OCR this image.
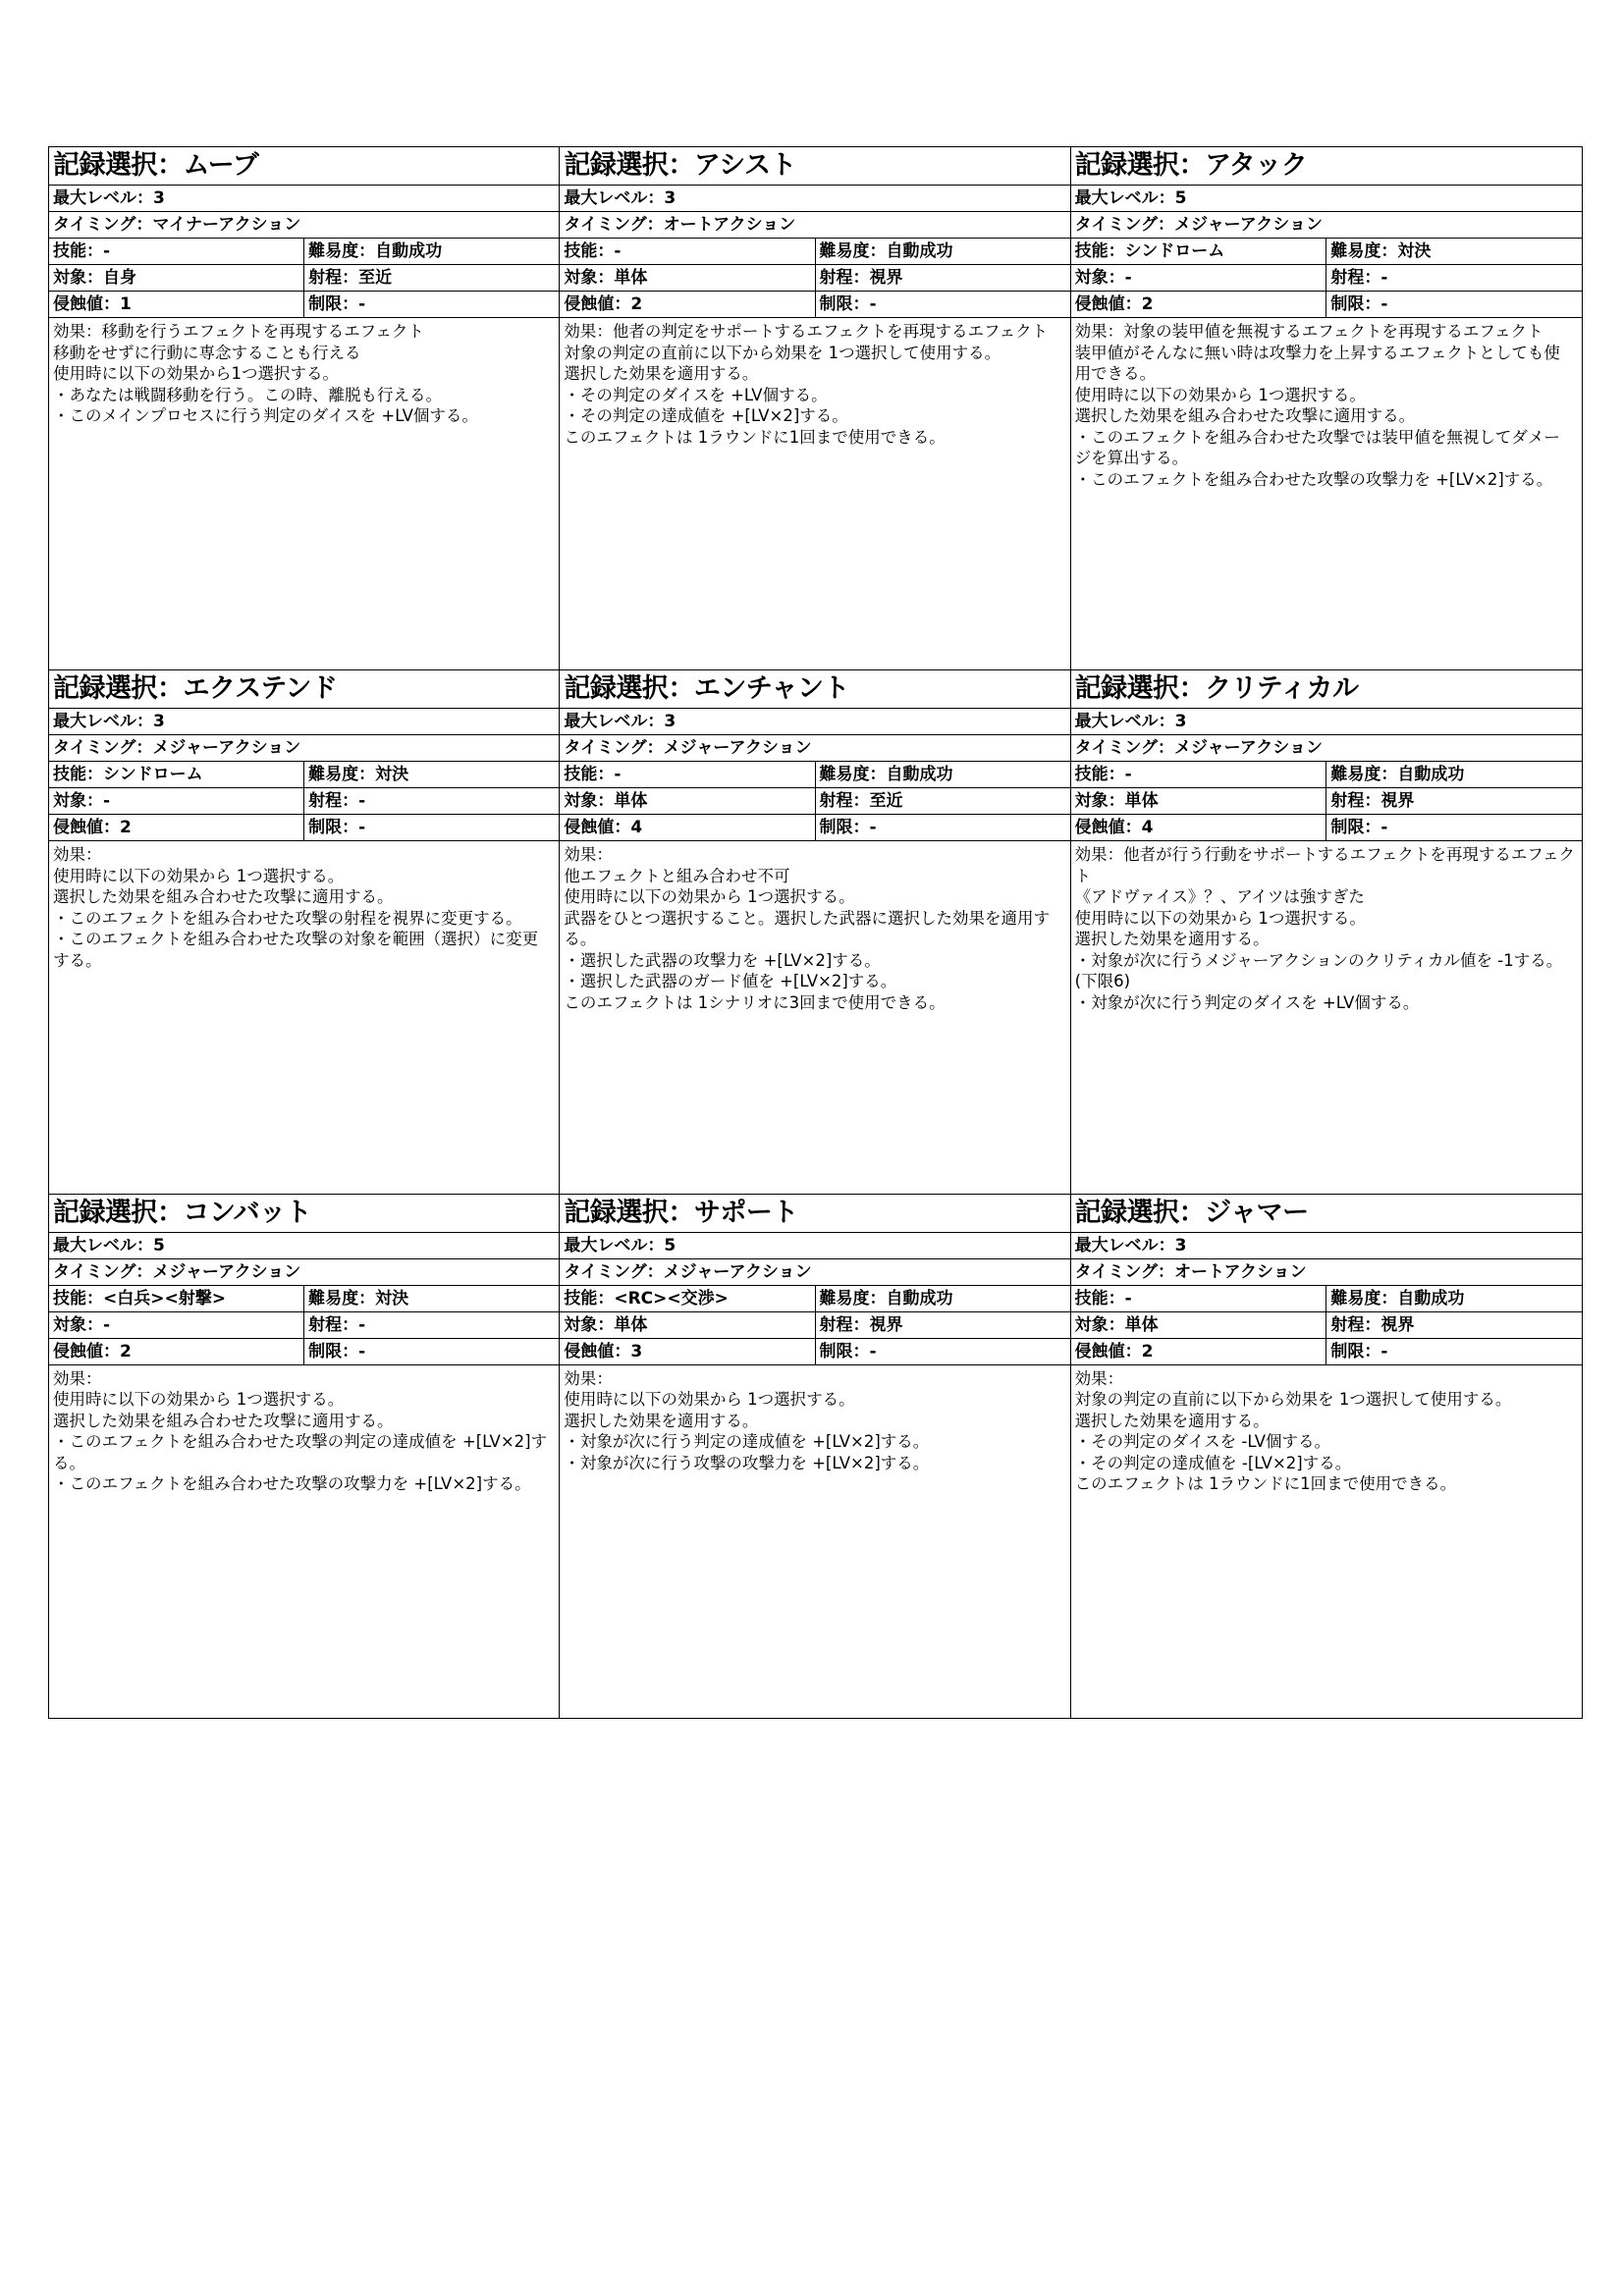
記録選択：ムーブ
最大レベル：3
タイミング：マイナーアクション
技能：-	難易度：自動成功
対象：自身	射程：至近
侵蝕値：1	制限：-
効果：移動を行うエフェクトを再現するエフェクト
移動をせずに行動に専念することも行える
使用時に以下の効果から1つ選択する。
・あなたは戦闘移動を行う。この時、離脱も行える。
・このメインプロセスに行う判定のダイスを +LV個する。
記録選択：アシスト
最大レベル：3
タイミング：オートアクション
技能：-	難易度：自動成功
対象：単体	射程：視界
侵蝕値：2	制限：-
効果：他者の判定をサポートするエフェクトを再現するエフェクト
対象の判定の直前に以下から効果を 1つ選択して使用する。
選択した効果を適用する。
・その判定のダイスを +LV個する。
・その判定の達成値を +[LV×2]する。
このエフェクトは 1ラウンドに1回まで使用できる。
記録選択：アタック
最大レベル：5
タイミング：メジャーアクション
技能：シンドローム	難易度：対決
対象：-	射程：-
侵蝕値：2	制限：-
効果：対象の装甲値を無視するエフェクトを再現するエフェクト
装甲値がそんなに無い時は攻撃力を上昇するエフェクトとしても使用できる。
使用時に以下の効果から 1つ選択する。
選択した効果を組み合わせた攻撃に適用する。
・このエフェクトを組み合わせた攻撃では装甲値を無視してダメージを算出する。
・このエフェクトを組み合わせた攻撃の攻撃力を +[LV×2]する。
記録選択：エクステンド
最大レベル：3
タイミング：メジャーアクション
技能：シンドローム	難易度：対決
対象：-	射程：-
侵蝕値：2	制限：-
効果：
使用時に以下の効果から 1つ選択する。
選択した効果を組み合わせた攻撃に適用する。
・このエフェクトを組み合わせた攻撃の射程を視界に変更する。
・このエフェクトを組み合わせた攻撃の対象を範囲（選択）に変更する。
記録選択：エンチャント
最大レベル：3
タイミング：メジャーアクション
技能：-	難易度：自動成功
対象：単体	射程：至近
侵蝕値：4	制限：-
効果：
他エフェクトと組み合わせ不可
使用時に以下の効果から 1つ選択する。
武器をひとつ選択すること。選択した武器に選択した効果を適用する。
・選択した武器の攻撃力を +[LV×2]する。
・選択した武器のガード値を +[LV×2]する。
このエフェクトは 1シナリオに3回まで使用できる。
記録選択：クリティカル
最大レベル：3
タイミング：メジャーアクション
技能：-	難易度：自動成功
対象：単体	射程：視界
侵蝕値：4	制限：-
効果：他者が行う行動をサポートするエフェクトを再現するエフェクト
《アドヴァイス》？、アイツは強すぎた
使用時に以下の効果から 1つ選択する。
選択した効果を適用する。
・対象が次に行うメジャーアクションのクリティカル値を -1する。(下限6)
・対象が次に行う判定のダイスを +LV個する。
記録選択：コンバット
最大レベル：5
タイミング：メジャーアクション
技能：<白兵><射撃>	難易度：対決
対象：-	射程：-
侵蝕値：2	制限：-
効果：
使用時に以下の効果から 1つ選択する。
選択した効果を組み合わせた攻撃に適用する。
・このエフェクトを組み合わせた攻撃の判定の達成値を +[LV×2]する。
・このエフェクトを組み合わせた攻撃の攻撃力を +[LV×2]する。
記録選択：サポート
最大レベル：5
タイミング：メジャーアクション
技能：<RC><交渉>	難易度：自動成功
対象：単体	射程：視界
侵蝕値：3	制限：-
効果：
使用時に以下の効果から 1つ選択する。
選択した効果を適用する。
・対象が次に行う判定の達成値を +[LV×2]する。
・対象が次に行う攻撃の攻撃力を +[LV×2]する。
記録選択：ジャマー
最大レベル：3
タイミング：オートアクション
技能：-	難易度：自動成功
対象：単体	射程：視界
侵蝕値：2	制限：-
効果：
対象の判定の直前に以下から効果を 1つ選択して使用する。
選択した効果を適用する。
・その判定のダイスを -LV個する。
・その判定の達成値を -[LV×2]する。
このエフェクトは 1ラウンドに1回まで使用できる。
